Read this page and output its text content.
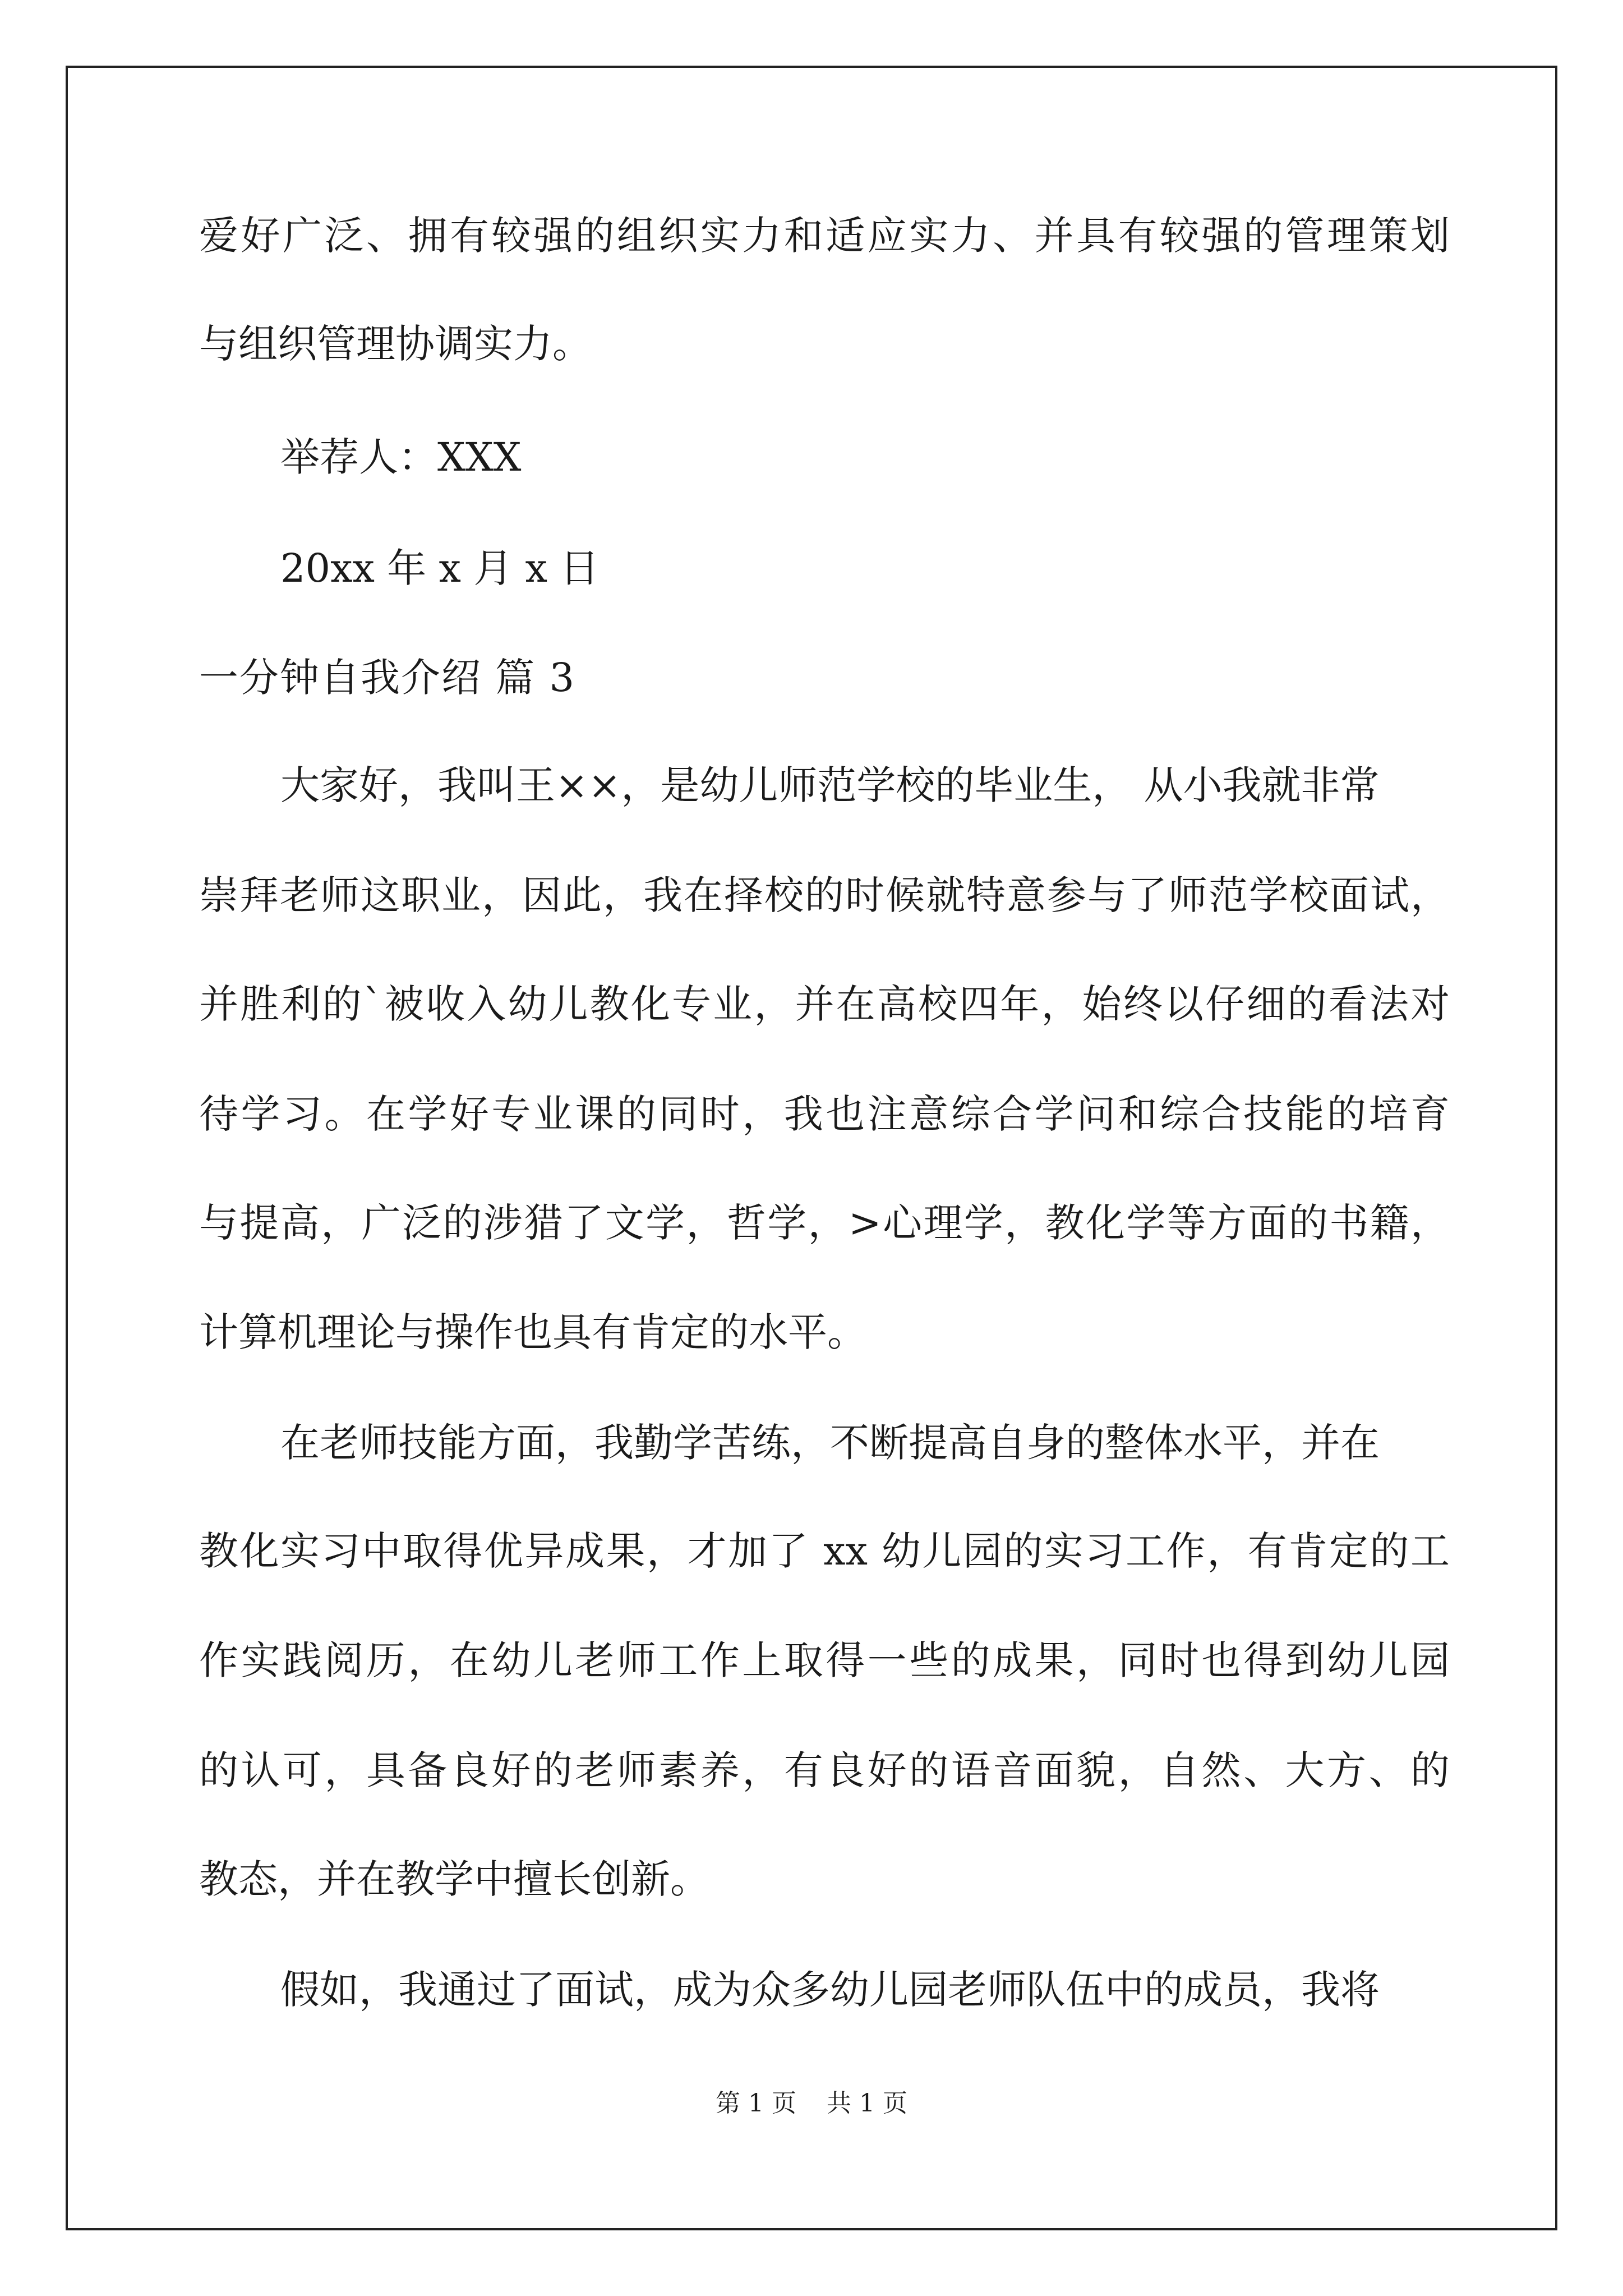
爱好广泛、拥有较强的组织实力和适应实力、并具有较强的管理策划
与组织管理协调实力。
举荐人：XXX
20xx 年 x 月 x 日
一分钟自我介绍 篇 3
大家好，我叫王××，是幼儿师范学校的毕业生， 从小我就非常
崇拜老师这职业，因此，我在择校的时候就特意参与了师范学校面试，
并胜利的`被收入幼儿教化专业，并在高校四年，始终以仔细的看法对
待学习。在学好专业课的同时，我也注意综合学问和综合技能的培育
与提高，广泛的涉猎了文学，哲学，>心理学，教化学等方面的书籍，
计算机理论与操作也具有肯定的水平。
在老师技能方面，我勤学苦练，不断提高自身的整体水平，并在
教化实习中取得优异成果，才加了 xx 幼儿园的实习工作，有肯定的工
作实践阅历，在幼儿老师工作上取得一些的成果，同时也得到幼儿园
的认可，具备良好的老师素养，有良好的语音面貌，自然、大方、的
教态，并在教学中擅长创新。
假如，我通过了面试，成为众多幼儿园老师队伍中的成员，我将
第 1 页 共 1 页
